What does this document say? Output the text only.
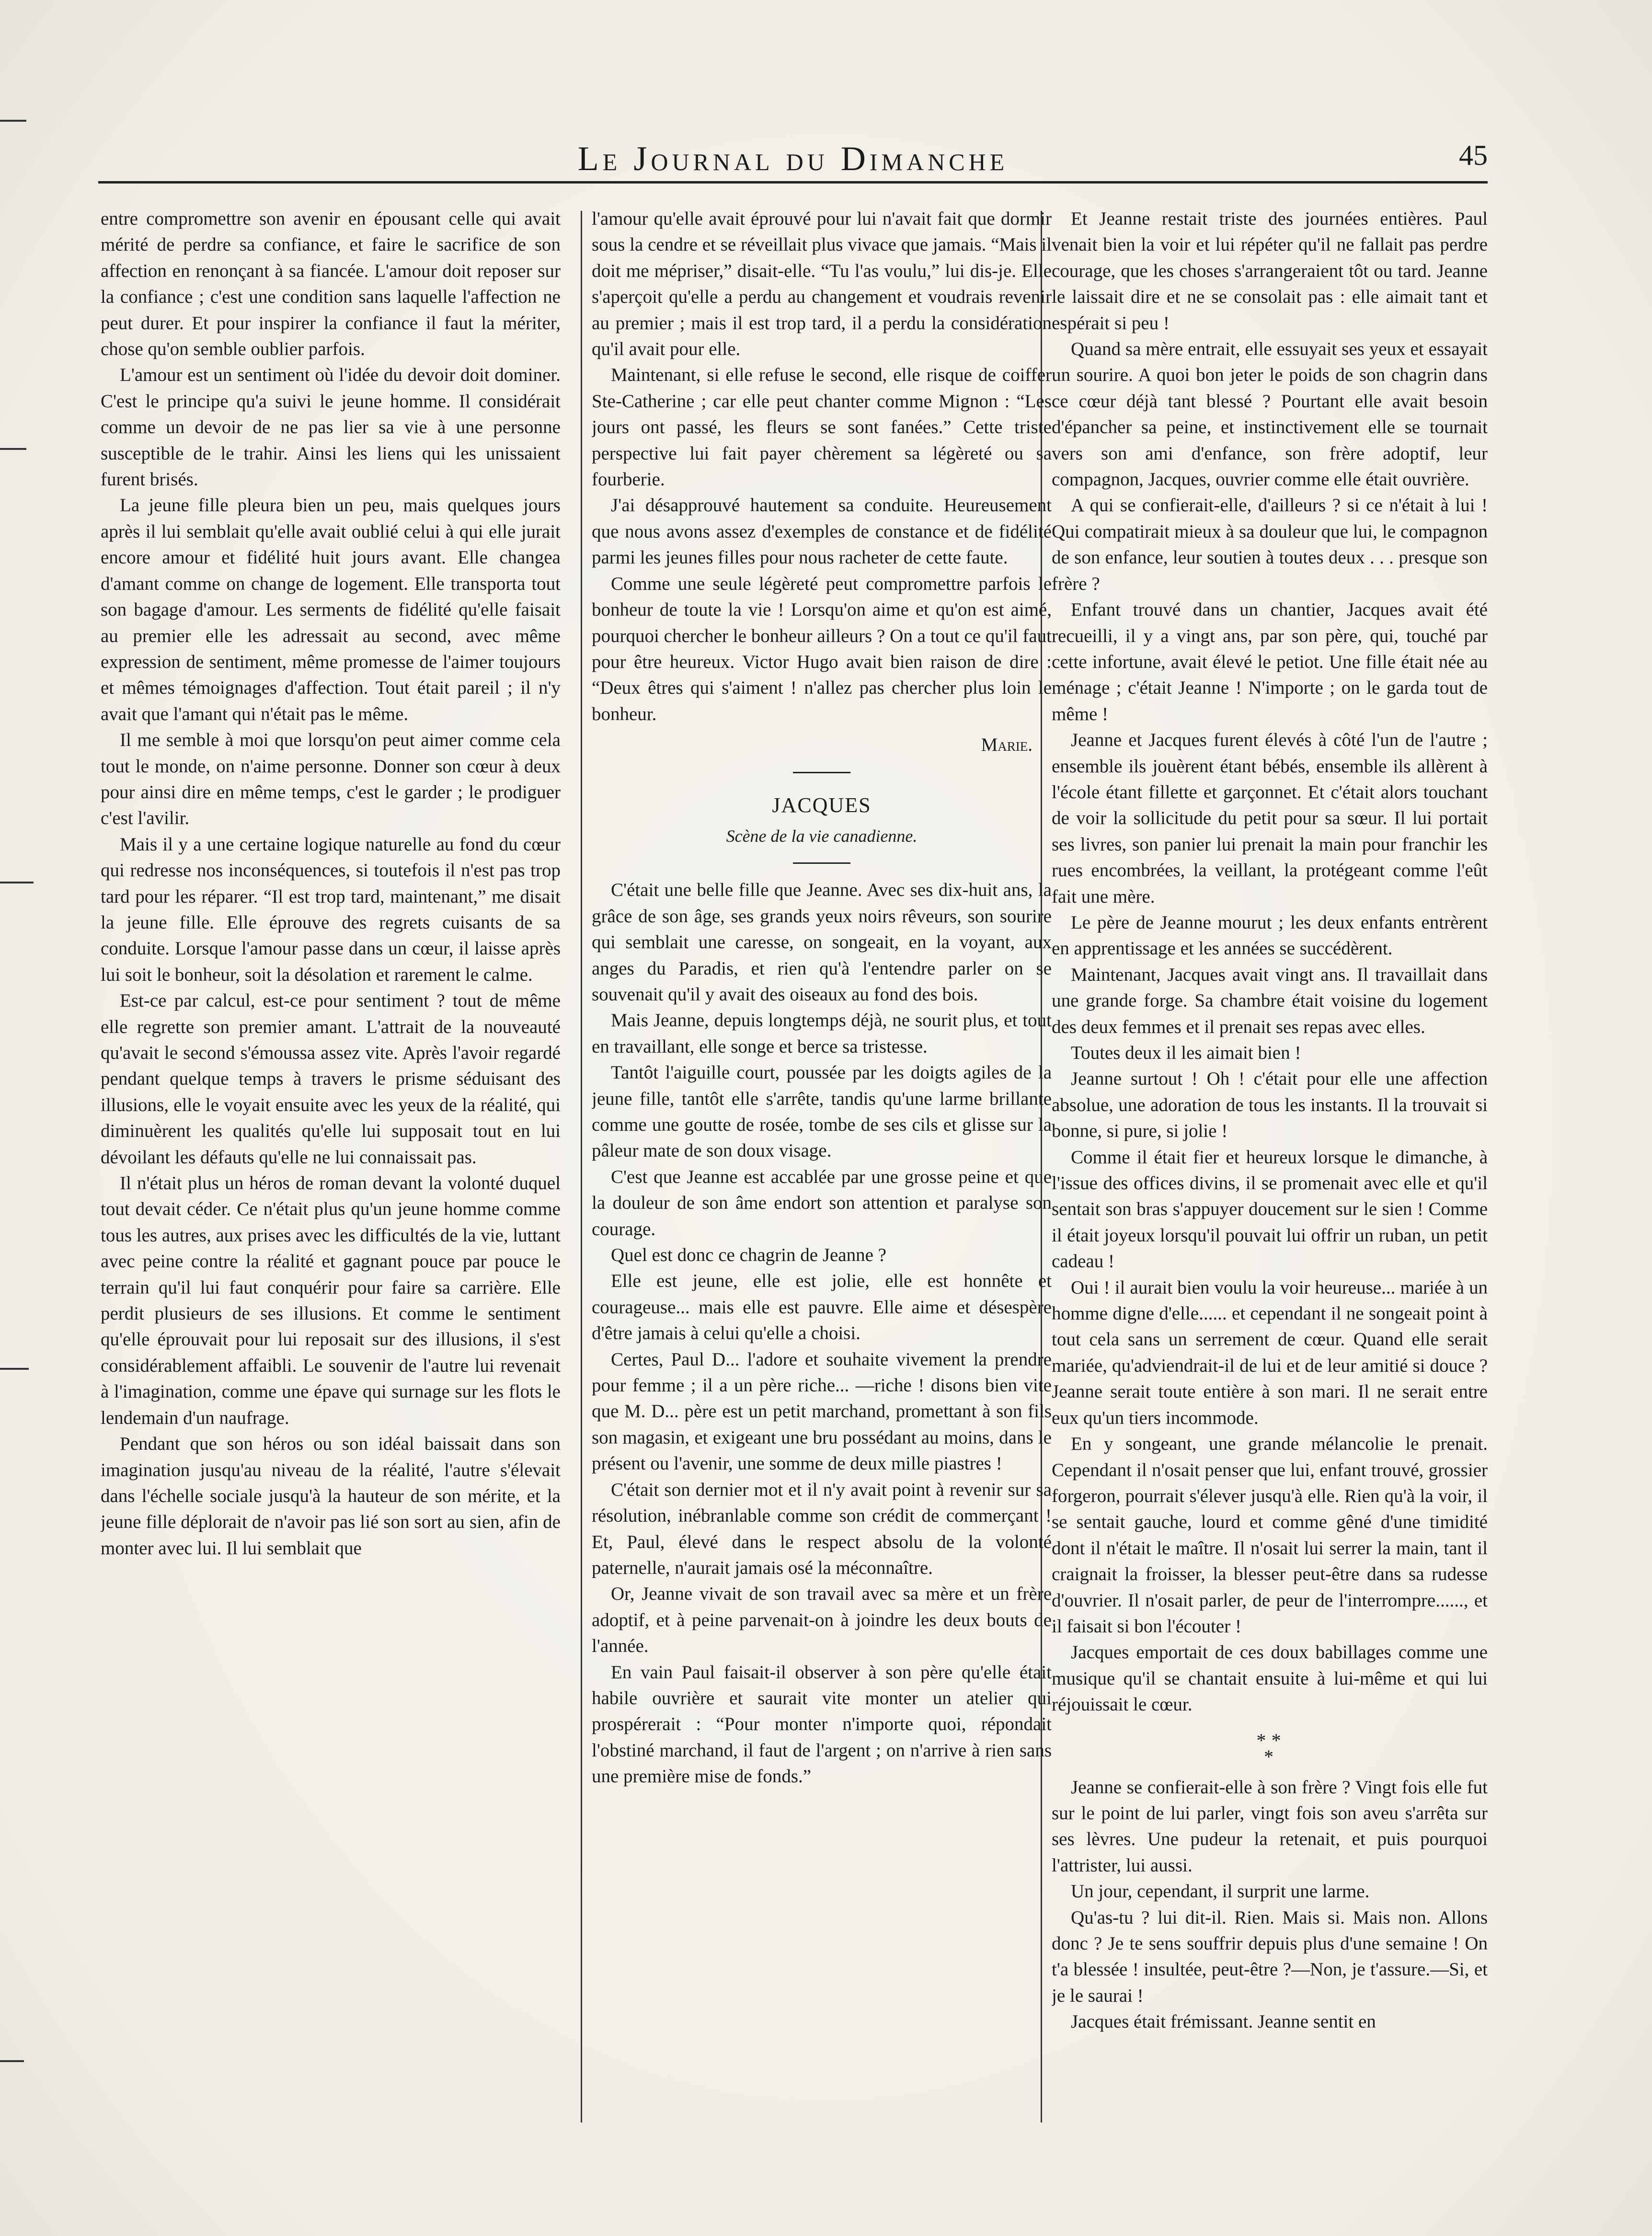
Le Journal du Dimanche	45

entre compromettre son avenir en épousant celle qui avait mérité de perdre sa confiance, et faire le sacrifice de son affection en renonçant à sa fiancée. L'amour doit reposer sur la confiance ; c'est une condition sans laquelle l'affection ne peut durer. Et pour inspirer la confiance il faut la mériter, chose qu'on semble oublier parfois.

L'amour est un sentiment où l'idée du devoir doit dominer. C'est le principe qu'a suivi le jeune homme. Il considérait comme un devoir de ne pas lier sa vie à une personne susceptible de le trahir. Ainsi les liens qui les unissaient furent brisés.

La jeune fille pleura bien un peu, mais quelques jours après il lui semblait qu'elle avait oublié celui à qui elle jurait encore amour et fidélité huit jours avant. Elle changea d'amant comme on change de logement. Elle transporta tout son bagage d'amour. Les serments de fidélité qu'elle faisait au premier elle les adressait au second, avec même expression de sentiment, même promesse de l'aimer toujours et mêmes témoignages d'affection. Tout était pareil ; il n'y avait que l'amant qui n'était pas le même.

Il me semble à moi que lorsqu'on peut aimer comme cela tout le monde, on n'aime personne. Donner son cœur à deux pour ainsi dire en même temps, c'est le garder ; le prodiguer c'est l'avilir.

Mais il y a une certaine logique naturelle au fond du cœur qui redresse nos inconséquences, si toutefois il n'est pas trop tard pour les réparer. “Il est trop tard, maintenant,” me disait la jeune fille. Elle éprouve des regrets cuisants de sa conduite. Lorsque l'amour passe dans un cœur, il laisse après lui soit le bonheur, soit la désolation et rarement le calme.

Est-ce par calcul, est-ce pour sentiment ? tout de même elle regrette son premier amant. L'attrait de la nouveauté qu'avait le second s'émoussa assez vite. Après l'avoir regardé pendant quelque temps à travers le prisme séduisant des illusions, elle le voyait ensuite avec les yeux de la réalité, qui diminuèrent les qualités qu'elle lui supposait tout en lui dévoilant les défauts qu'elle ne lui connaissait pas.

Il n'était plus un héros de roman devant la volonté duquel tout devait céder. Ce n'était plus qu'un jeune homme comme tous les autres, aux prises avec les difficultés de la vie, luttant avec peine contre la réalité et gagnant pouce par pouce le terrain qu'il lui faut conquérir pour faire sa carrière. Elle perdit plusieurs de ses illusions. Et comme le sentiment qu'elle éprouvait pour lui reposait sur des illusions, il s'est considérablement affaibli. Le souvenir de l'autre lui revenait à l'imagination, comme une épave qui surnage sur les flots le lendemain d'un naufrage.

Pendant que son héros ou son idéal baissait dans son imagination jusqu'au niveau de la réalité, l'autre s'élevait dans l'échelle sociale jusqu'à la hauteur de son mérite, et la jeune fille déplorait de n'avoir pas lié son sort au sien, afin de monter avec lui. Il lui semblait que

l'amour qu'elle avait éprouvé pour lui n'avait fait que dormir sous la cendre et se réveillait plus vivace que jamais. “Mais il doit me mépriser,” disait-elle. “Tu l'as voulu,” lui dis-je. Elle s'aperçoit qu'elle a perdu au changement et voudrais revenir au premier ; mais il est trop tard, il a perdu la considération qu'il avait pour elle.

Maintenant, si elle refuse le second, elle risque de coiffer Ste-Catherine ; car elle peut chanter comme Mignon : “Les jours ont passé, les fleurs se sont fanées.” Cette triste perspective lui fait payer chèrement sa légèreté ou sa fourberie.

J'ai désapprouvé hautement sa conduite. Heureusement que nous avons assez d'exemples de constance et de fidélité parmi les jeunes filles pour nous racheter de cette faute.

Comme une seule légèreté peut compromettre parfois le bonheur de toute la vie ! Lorsqu'on aime et qu'on est aimé, pourquoi chercher le bonheur ailleurs ? On a tout ce qu'il faut pour être heureux. Victor Hugo avait bien raison de dire : “Deux êtres qui s'aiment ! n'allez pas chercher plus loin le bonheur.

Marie.

JACQUES
Scène de la vie canadienne.

C'était une belle fille que Jeanne. Avec ses dix-huit ans, la grâce de son âge, ses grands yeux noirs rêveurs, son sourire qui semblait une caresse, on songeait, en la voyant, aux anges du Paradis, et rien qu'à l'entendre parler on se souvenait qu'il y avait des oiseaux au fond des bois.

Mais Jeanne, depuis longtemps déjà, ne sourit plus, et tout en travaillant, elle songe et berce sa tristesse.

Tantôt l'aiguille court, poussée par les doigts agiles de la jeune fille, tantôt elle s'arrête, tandis qu'une larme brillante comme une goutte de rosée, tombe de ses cils et glisse sur la pâleur mate de son doux visage.

C'est que Jeanne est accablée par une grosse peine et que la douleur de son âme endort son attention et paralyse son courage.

Quel est donc ce chagrin de Jeanne ?

Elle est jeune, elle est jolie, elle est honnête et courageuse... mais elle est pauvre. Elle aime et désespère d'être jamais à celui qu'elle a choisi.

Certes, Paul D... l'adore et souhaite vivement la prendre pour femme ; il a un père riche... —riche ! disons bien vite que M. D... père est un petit marchand, promettant à son fils son magasin, et exigeant une bru possédant au moins, dans le présent ou l'avenir, une somme de deux mille piastres !

C'était son dernier mot et il n'y avait point à revenir sur sa résolution, inébranlable comme son crédit de commerçant ! Et, Paul, élevé dans le respect absolu de la volonté paternelle, n'aurait jamais osé la méconnaître.

Or, Jeanne vivait de son travail avec sa mère et un frère adoptif, et à peine parvenait-on à joindre les deux bouts de l'année.

En vain Paul faisait-il observer à son père qu'elle était habile ouvrière et saurait vite monter un atelier qui prospérerait : “Pour monter n'importe quoi, répondait l'obstiné marchand, il faut de l'argent ; on n'arrive à rien sans une première mise de fonds.”

Et Jeanne restait triste des journées entières. Paul venait bien la voir et lui répéter qu'il ne fallait pas perdre courage, que les choses s'arrangeraient tôt ou tard. Jeanne le laissait dire et ne se consolait pas : elle aimait tant et espérait si peu !

Quand sa mère entrait, elle essuyait ses yeux et essayait un sourire. A quoi bon jeter le poids de son chagrin dans ce cœur déjà tant blessé ? Pourtant elle avait besoin d'épancher sa peine, et instinctivement elle se tournait vers son ami d'enfance, son frère adoptif, leur compagnon, Jacques, ouvrier comme elle était ouvrière.

A qui se confierait-elle, d'ailleurs ? si ce n'était à lui ! Qui compatirait mieux à sa douleur que lui, le compagnon de son enfance, leur soutien à toutes deux . . . presque son frère ?

Enfant trouvé dans un chantier, Jacques avait été recueilli, il y a vingt ans, par son père, qui, touché par cette infortune, avait élevé le petiot. Une fille était née au ménage ; c'était Jeanne ! N'importe ; on le garda tout de même !

Jeanne et Jacques furent élevés à côté l'un de l'autre ; ensemble ils jouèrent étant bébés, ensemble ils allèrent à l'école étant fillette et garçonnet. Et c'était alors touchant de voir la sollicitude du petit pour sa sœur. Il lui portait ses livres, son panier lui prenait la main pour franchir les rues encombrées, la veillant, la protégeant comme l'eût fait une mère.

Le père de Jeanne mourut ; les deux enfants entrèrent en apprentissage et les années se succédèrent.

Maintenant, Jacques avait vingt ans. Il travaillait dans une grande forge. Sa chambre était voisine du logement des deux femmes et il prenait ses repas avec elles.

Toutes deux il les aimait bien !

Jeanne surtout ! Oh ! c'était pour elle une affection absolue, une adoration de tous les instants. Il la trouvait si bonne, si pure, si jolie !

Comme il était fier et heureux lorsque le dimanche, à l'issue des offices divins, il se promenait avec elle et qu'il sentait son bras s'appuyer doucement sur le sien ! Comme il était joyeux lorsqu'il pouvait lui offrir un ruban, un petit cadeau !

Oui ! il aurait bien voulu la voir heureuse... mariée à un homme digne d'elle...... et cependant il ne songeait point à tout cela sans un serrement de cœur. Quand elle serait mariée, qu'adviendrait-il de lui et de leur amitié si douce ? Jeanne serait toute entière à son mari. Il ne serait entre eux qu'un tiers incommode.

En y songeant, une grande mélancolie le prenait. Cependant il n'osait penser que lui, enfant trouvé, grossier forgeron, pourrait s'élever jusqu'à elle. Rien qu'à la voir, il se sentait gauche, lourd et comme gêné d'une timidité dont il n'était le maître. Il n'osait lui serrer la main, tant il craignait la froisser, la blesser peut-être dans sa rudesse d'ouvrier. Il n'osait parler, de peur de l'interrompre......, et il faisait si bon l'écouter !

Jacques emportait de ces doux babillages comme une musique qu'il se chantait ensuite à lui-même et qui lui réjouissait le cœur.

* *
*

Jeanne se confierait-elle à son frère ? Vingt fois elle fut sur le point de lui parler, vingt fois son aveu s'arrêta sur ses lèvres. Une pudeur la retenait, et puis pourquoi l'attrister, lui aussi.

Un jour, cependant, il surprit une larme.

Qu'as-tu ? lui dit-il. Rien. Mais si. Mais non. Allons donc ? Je te sens souffrir depuis plus d'une semaine ! On t'a blessée ! insultée, peut-être ?—Non, je t'assure.—Si, et je le saurai !

Jacques était frémissant. Jeanne sentit en
